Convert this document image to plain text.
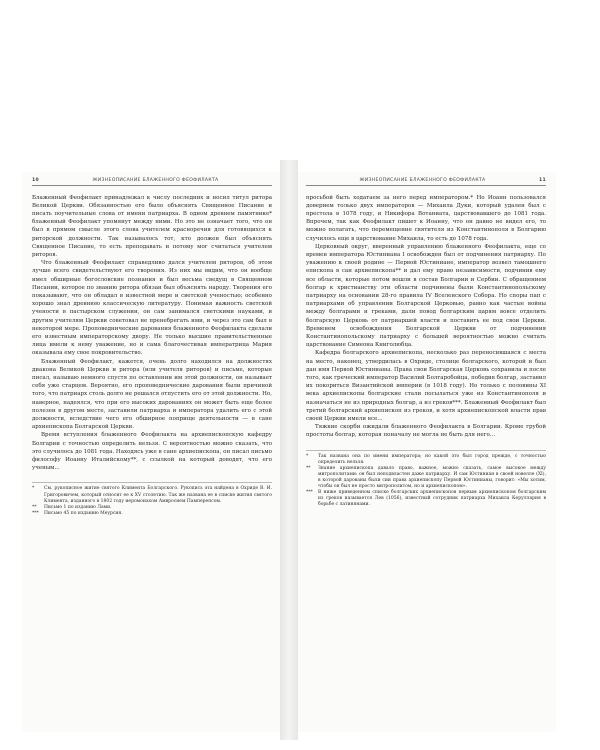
10	ЖИЗНЕОПИСАНИЕ БЛАЖЕННОГО ФЕОФИЛАКТА

Блаженный Феофилакт принадлежал к числу последних и носил титул ритора Великой Церкви. Обязанностью его было объяснять Священное Писание и писать поучительные слова от имени патриарха. В одном древнем памятнике* блаженный Феофилакт упомянут между ними. Но это не означает того, что он был в прямом смысле этого слова учителем красноречия для готовящихся к риторской должности. Так называлось тот, кто должен был объяснять Священное Писание, то есть преподавать и потому мог считаться учителем риторов.

Что блаженный Феофилакт справедливо дался учителем риторов, об этом лучше всего свидетельствуют его творения. Из них мы видим, что он вообще имел обширные богословские познания и был весьма сведущ в Священном Писании, которое по званию ритора обязан был объяснять народу. Творения его показывают, что он обладал в известной мере и светской ученостью; особенно хорошо знал древнюю классическую литературу. Понимая важность светской учености в пастырском служении, он сам занимался светскими науками, и другим учителям Церкви советовал не пренебрегать ими, и через это сам был в некоторой мере. Проповеднические дарования блаженного Феофилакта сделали его известным императорскому двору. Не только высшие правительственные лица имели к нему уважение, но и сама благочестивая императрица Мария оказывала ему свое покровительство.

Блаженный Феофилакт, кажется, очень долго находился на должностях диакона Великой Церкви и ритора (или учителя риторов) и письме, которые писал, называю немного спустя по оставлении им этой должности, он называет себя уже старцем. Вероятно, его проповеднические дарования были причиной того, что патриарх столь долго не решался отпустить его от этой должности. Но, наверное, надеялся, что при его высоких дарованиях он может быть еще более полезен в другом месте, заставили патриарха и императора удалить его с этой должности, вследствие чего его обширное поприще деятельности — в сане архиепископа Болгарской Церкви.

Время вступления блаженного Феофилакта на архиепископскую кафедру Болгарии с точностью определить нельзя. С вероятностью можно сказать, что это случилось до 1081 года. Находясь уже в сане архиепископа, он писал письмо философу Иоанну Италийскому**, с ссылкой на который доводят, что его ученым...

*	См. рукописное житие святого Климента Болгарского. Рукопись эта найдена в Охриде В. И. Григоровичем, который относит ее к XV столетию. Так же названа ее в списке жития святого Климента, изданного в 1802 году иеромонахом Амвросием Памперепсом.
**	Письмо 1 по изданию Лами.
***	Письмо 45 по изданию Меурсия.
ЖИЗНЕОПИСАНИЕ БЛАЖЕННОГО ФЕОФИЛАКТА	11

просьбой быть ходатаем за него перед императором.* Но Иоанн пользовался доверием только двух императоров — Михаила Дуки, который удален был с престола в 1078 году, и Никифора Вотаниата, царствовавшего до 1081 года. Впрочем, так как Феофилакт пишет к Иоанну, что он давно не видел его, то можно полагать, что перемещение святителя из Константинополя в Болгарию случилось еще в царствование Михаила, то есть до 1078 года.

Церковный округ, вверенный управлению блаженного Феофилакта, еще со времен императора Юстиниана I освобожден был от подчинения патриарху. По уважению к своей родине — Первой Юстиниане, император возвел тамошнего епископа в сан архиепископа** и дал ему право независимости, подчинив ему все области, которые потом вошли в состав Болгарии и Сербии. С обращением болгар к христианству эти области подчинены были Константинопольскому патриарху на основании 28-го правила IV Вселенского Собора. Но споры пап с патриархами об управлении Болгарской Церковью, равно как частые войны между болгарами и греками, дали повод болгарским царям вовсе отделить болгарскую Церковь от патриаршей власти и поставить ее под свои Церкви. Временем освобождения Болгарской Церкви от подчинения Константинопольскому патриарху с большей вероятностью можно считать царствование Симеона Книголюбца.

Кафедра болгарского архиепископа, несколько раз переносившаяся с места на место, наконец, утвердилась в Охриде, столице болгарского, которой и был дан имя Первой Юстинианы. Права свои Болгарская Церковь сохранила и после того, как греческий император Василий Болгаробойца, победив болгар, заставил их покориться Византийской империи (в 1018 году). Но только с половины XI века архиепископы болгарские стали посылаться уже из Константинополя и назначаться не из природных болгар, а из греков***. Блаженный Феофилакт был третий болгарский архиепископ из греков, и хотя архиепископской власти прав своей Церкви имели все...

Тяжкие скорби ожидали блаженного Феофилакта в Болгарии. Кроме грубой простоты болгар, которая поначалу не могла не быть для него...

*	Так названа она по имени императора; но какой это был город прежде, с точностью определить нельзя.
**	Знание архиепископа давало право, важное, можно сказать, самое высокое между митрополитами: он был неподвластен даже патриарху. И сам Юстиниан в своей новелле (XI), в которой дарованы были сии права архиепископу Первой Юстинианы, говорит: «Мы хотим, чтобы он был не просто митрополитом, но и архиепископом».
***	В ниже приведенном списке болгарских архиепископов первым архиепископом болгарским из греков называется Лев (1056), известный сотрудник патриарха Михаила Керуллария в борьбе с латинянами.
